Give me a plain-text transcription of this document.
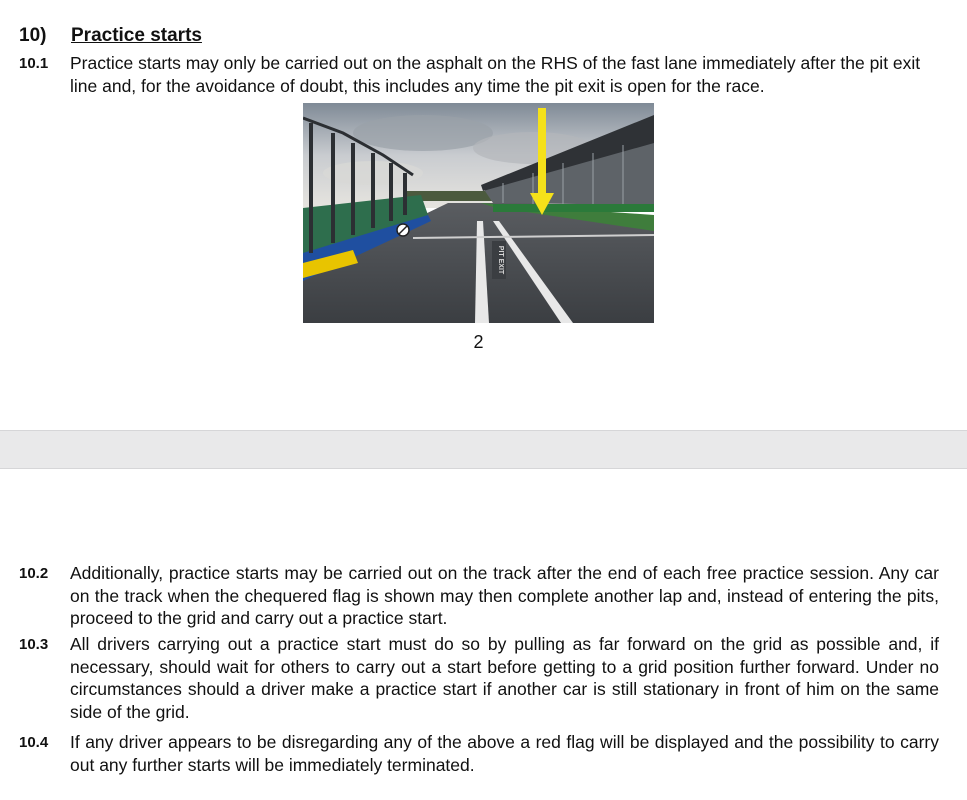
10) Practice starts
10.1 Practice starts may only be carried out on the asphalt on the RHS of the fast lane immediately after the pit exit line and, for the avoidance of doubt, this includes any time the pit exit is open for the race.
PIT EXIT
2
10.2 Additionally, practice starts may be carried out on the track after the end of each free practice session. Any car on the track when the chequered flag is shown may then complete another lap and, instead of entering the pits, proceed to the grid and carry out a practice start.
10.3 All drivers carrying out a practice start must do so by pulling as far forward on the grid as possible and, if necessary, should wait for others to carry out a start before getting to a grid position further forward. Under no circumstances should a driver make a practice start if another car is still stationary in front of him on the same side of the grid.
10.4 If any driver appears to be disregarding any of the above a red flag will be displayed and the possibility to carry out any further starts will be immediately terminated.
